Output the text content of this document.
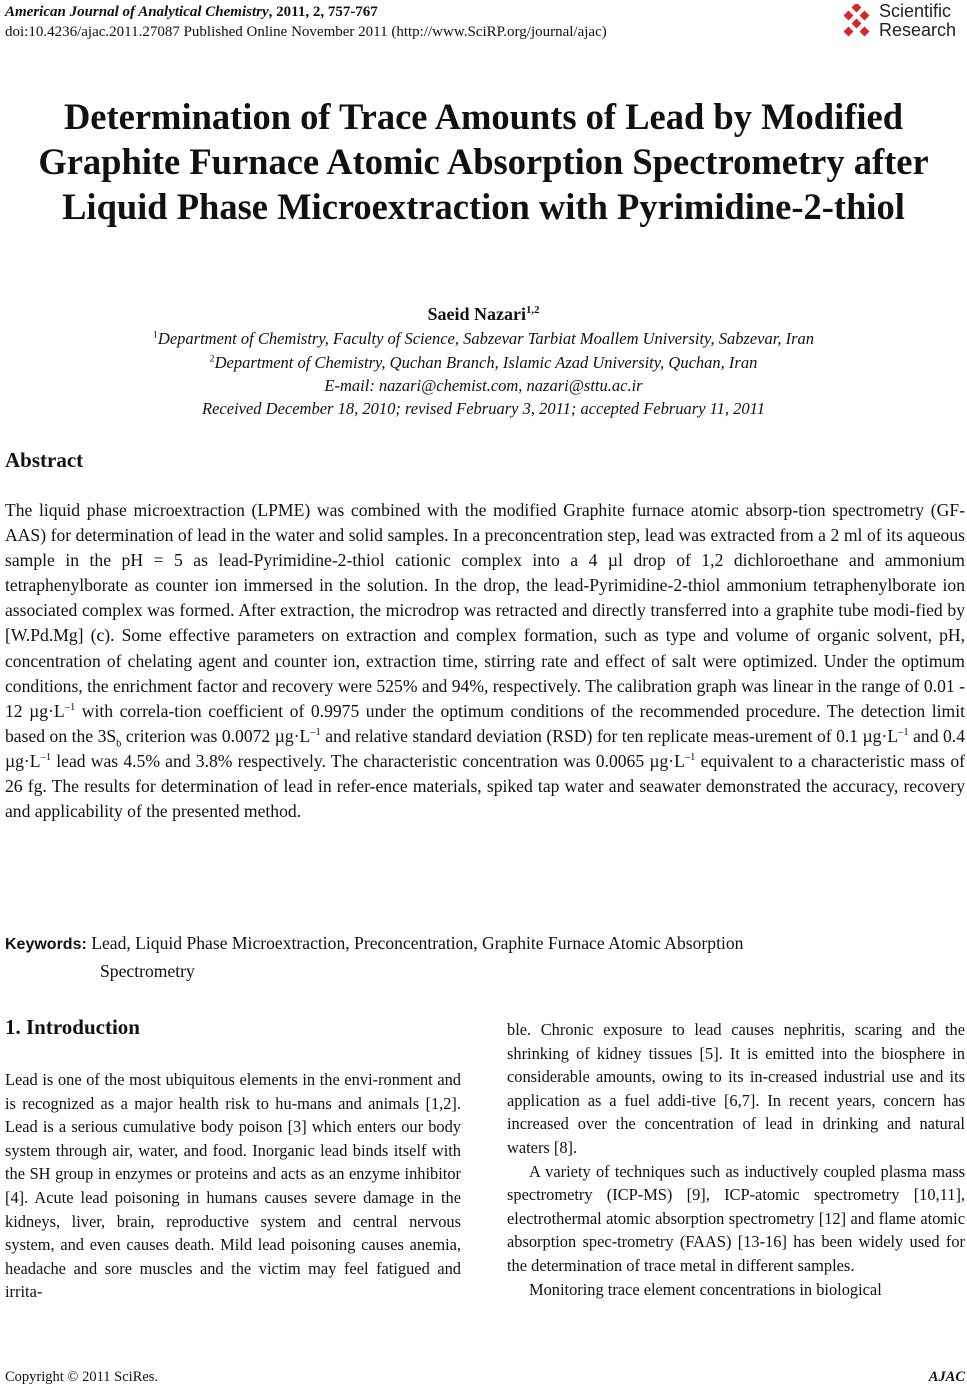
American Journal of Analytical Chemistry, 2011, 2, 757-767
doi:10.4236/ajac.2011.27087 Published Online November 2011 (http://www.SciRP.org/journal/ajac)
Scientific
Research
Determination of Trace Amounts of Lead by Modified Graphite Furnace Atomic Absorption Spectrometry after Liquid Phase Microextraction with Pyrimidine-2-thiol
Saeid Nazari$^{1,2}$
$^1$Department of Chemistry, Faculty of Science, Sabzevar Tarbiat Moallem University, Sabzevar, Iran
$^2$Department of Chemistry, Quchan Branch, Islamic Azad University, Quchan, Iran
E-mail: nazari@chemist.com, nazari@sttu.ac.ir
Received December 18, 2010; revised February 3, 2011; accepted February 11, 2011
Abstract
The liquid phase microextraction (LPME) was combined with the modified Graphite furnace atomic absorp-tion spectrometry (GF-AAS) for determination of lead in the water and solid samples. In a preconcentration step, lead was extracted from a 2 ml of its aqueous sample in the pH = 5 as lead-Pyrimidine-2-thiol cationic complex into a 4 µl drop of 1,2 dichloroethane and ammonium tetraphenylborate as counter ion immersed in the solution. In the drop, the lead-Pyrimidine-2-thiol ammonium tetraphenylborate ion associated complex was formed. After extraction, the microdrop was retracted and directly transferred into a graphite tube modi-fied by [W.Pd.Mg] (c). Some effective parameters on extraction and complex formation, such as type and volume of organic solvent, pH, concentration of chelating agent and counter ion, extraction time, stirring rate and effect of salt were optimized. Under the optimum conditions, the enrichment factor and recovery were 525% and 94%, respectively. The calibration graph was linear in the range of 0.01 - 12 $\mu g\cdot L^{-1}$ with correla-tion coefficient of 0.9975 under the optimum conditions of the recommended procedure. The detection limit based on the $3S_b$ criterion was 0.0072 $\mu g\cdot L^{-1}$ and relative standard deviation (RSD) for ten replicate meas-urement of 0.1 $\mu g\cdot L^{-1}$ and 0.4 $\mu g\cdot L^{-1}$ lead was 4.5% and 3.8% respectively. The characteristic concentration was 0.0065 $\mu g\cdot L^{-1}$ equivalent to a characteristic mass of 26 fg. The results for determination of lead in refer-ence materials, spiked tap water and seawater demonstrated the accuracy, recovery and applicability of the presented method.
Keywords: Lead, Liquid Phase Microextraction, Preconcentration, Graphite Furnace Atomic Absorption
Spectrometry
1. Introduction

Lead is one of the most ubiquitous elements in the envi-ronment and is recognized as a major health risk to hu-mans and animals [1,2]. Lead is a serious cumulative body poison [3] which enters our body system through air, water, and food. Inorganic lead binds itself with the SH group in enzymes or proteins and acts as an enzyme inhibitor [4]. Acute lead poisoning in humans causes severe damage in the kidneys, liver, brain, reproductive system and central nervous system, and even causes death. Mild lead poisoning causes anemia, headache and sore muscles and the victim may feel fatigued and irrita-

ble. Chronic exposure to lead causes nephritis, scaring and the shrinking of kidney tissues [5]. It is emitted into the biosphere in considerable amounts, owing to its in-creased industrial use and its application as a fuel addi-tive [6,7]. In recent years, concern has increased over the concentration of lead in drinking and natural waters [8].

A variety of techniques such as inductively coupled plasma mass spectrometry (ICP-MS) [9], ICP-atomic spectrometry [10,11], electrothermal atomic absorption spectrometry [12] and flame atomic absorption spec-trometry (FAAS) [13-16] has been widely used for the determination of trace metal in different samples.

Monitoring trace element concentrations in biological

Copyright © 2011 SciRes.	AJAC
